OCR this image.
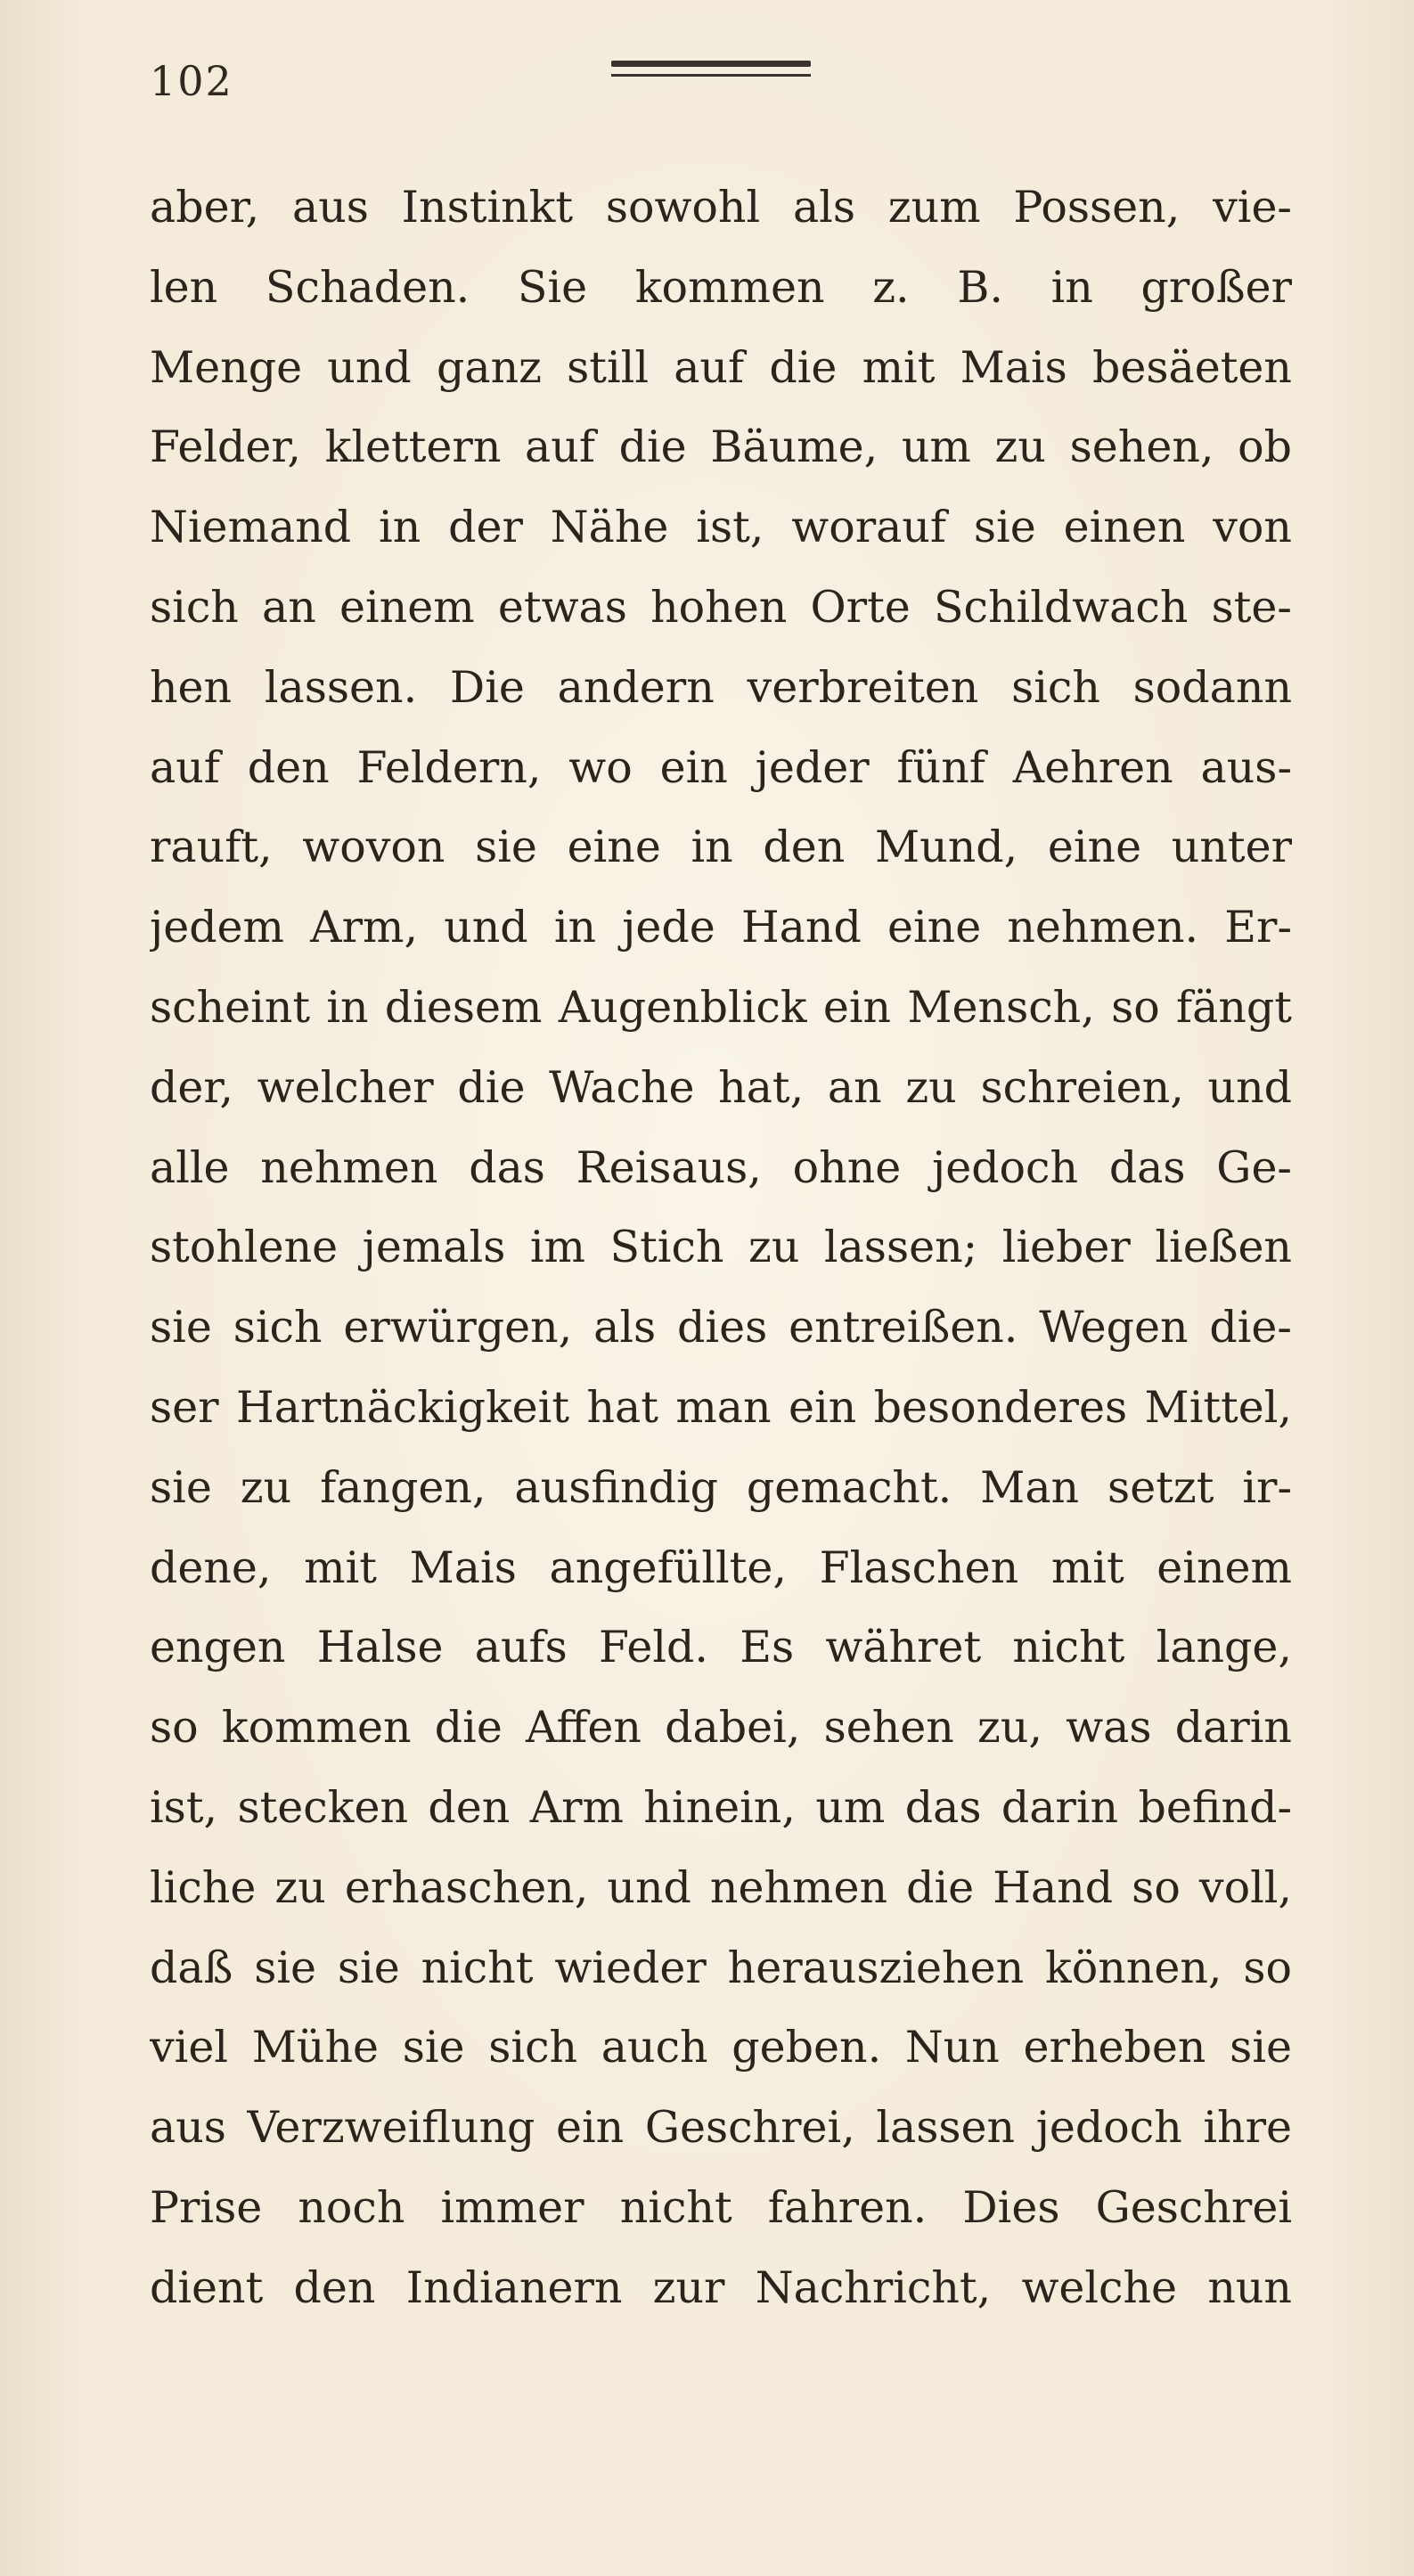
102
aber, aus Instinkt sowohl als zum Possen, vie-
len Schaden. Sie kommen z. B. in großer
Menge und ganz still auf die mit Mais besäeten
Felder, klettern auf die Bäume, um zu sehen, ob
Niemand in der Nähe ist, worauf sie einen von
sich an einem etwas hohen Orte Schildwach ste-
hen lassen. Die andern verbreiten sich sodann
auf den Feldern, wo ein jeder fünf Aehren aus-
rauft, wovon sie eine in den Mund, eine unter
jedem Arm, und in jede Hand eine nehmen. Er-
scheint in diesem Augenblick ein Mensch, so fängt
der, welcher die Wache hat, an zu schreien, und
alle nehmen das Reisaus, ohne jedoch das Ge-
stohlene jemals im Stich zu lassen; lieber ließen
sie sich erwürgen, als dies entreißen. Wegen die-
ser Hartnäckigkeit hat man ein besonderes Mittel,
sie zu fangen, ausfindig gemacht. Man setzt ir-
dene, mit Mais angefüllte, Flaschen mit einem
engen Halse aufs Feld. Es währet nicht lange,
so kommen die Affen dabei, sehen zu, was darin
ist, stecken den Arm hinein, um das darin befind-
liche zu erhaschen, und nehmen die Hand so voll,
daß sie sie nicht wieder herausziehen können, so
viel Mühe sie sich auch geben. Nun erheben sie
aus Verzweiflung ein Geschrei, lassen jedoch ihre
Prise noch immer nicht fahren. Dies Geschrei
dient den Indianern zur Nachricht, welche nun
